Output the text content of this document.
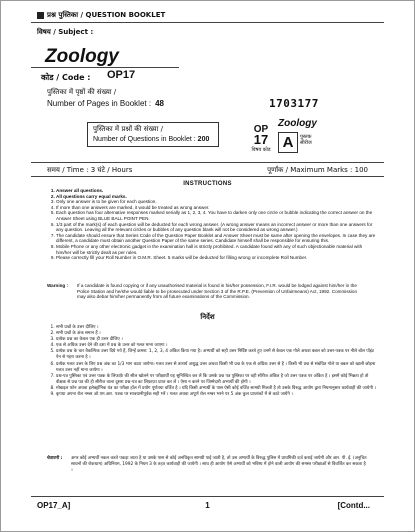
प्रश्न पुस्तिका / QUESTION BOOKLET
विषय / Subject :
Zoology
कोड / Code : OP17
पुस्तिका में पृष्ठों की संख्या /
Number of Pages in Booklet : 48	1703177
पुस्तिका में प्रश्नों की संख्या /
Number of Questions in Booklet : 200
OP
17
विषय कोड
Zoology
A	पुस्तक
सीरीज
समय / Time : 3 घंटे / Hours	पूर्णांक / Maximum Marks : 100
INSTRUCTIONS
1. Answer all questions.
2. All questions carry equal marks.
3. Only one answer is to be given for each question.
4. If more than one answers are marked, it would be treated as wrong answer.
5. Each question has four alternative responses marked serially as 1, 2, 3, 4. You have to darken only one circle or bubble indicating the correct answer on the Answer Sheet using BLUE BALL POINT PEN.
6. 1/3 part of the mark(s) of each question will be deducted for each wrong answer. (A wrong answer means an incorrect answer or more than one answers for any question. Leaving all the relevant circles or bubbles of any question blank will not be considered as wrong answer.)
7. The candidate should ensure that Series Code of the Question Paper Booklet and Answer Sheet must be same after opening the envelopes. In case they are different, a candidate must obtain another Question Paper of the same series. Candidate himself shall be responsible for ensuring this.
8. Mobile Phone or any other electronic gadget in the examination hall is strictly prohibited. A candidate found with any of such objectionable material with him/her will be strictly dealt as per rules.
9. Please correctly fill your Roll Number in O.M.R. Sheet. 5 marks will be deducted for filling wrong or incomplete Roll Number.
Warning : If a candidate is found copying or if any unauthorised material is found in his/her possession, F.I.R. would be lodged against him/her in the Police Station and he/she would liable to be prosecuted under Section 3 of the R.P.E. (Prevention of Unfairmeans) Act, 1992. Commission may also debar him/her permanently from all future examinations of the Commission.
निर्देश
1. सभी प्रश्नों के उत्तर दीजिए ।
2. सभी प्रश्नों के अंक समान हैं ।
3. प्रत्येक प्रश्न का केवल एक ही उत्तर दीजिए ।
4. एक से अधिक उत्तर देने की दशा में प्रश्न के उत्तर को गलत माना जाएगा ।
5. प्रत्येक प्रश्न के चार वैकल्पिक उत्तर दिये गये हैं, जिन्हें क्रमश: 1, 2, 3, 4 अंकित किया गया है। अभ्यर्थी को सही उत्तर निर्दिष्ट करते हुए उनमें से केवल एक गोले अथवा बबल को उत्तर-पत्रक पर नीले बॉल पॉइंट पेन से गहरा करना है ।
6. प्रत्येक गलत उत्तर के लिए प्रश्न अंक का 1/3 भाग काटा जायेगा। गलत उत्तर से तात्पर्य अशुद्ध उत्तर अथवा किसी भी प्रश्न के एक से अधिक उत्तर से है । किसी भी प्रश्न से संबंधित गोले या बबल को खाली छोड़ना गलत उत्तर नहीं माना जायेगा ।
7. प्रश्न-पत्र पुस्तिका एवं उत्तर पत्रक के लिफ़ाफ़े की सील खोलने पर परीक्षार्थी यह सुनिश्चित कर लें कि उसके प्रश्न पत्र पुस्तिका पर वही सीरीज अंकित है जो उत्तर पत्रक पर अंकित है । इसमें कोई भिन्नता हो तो वीक्षक से प्रश्न पत्र की ही सीरीज वाला दूसरा प्रश्न-पत्र का लिफ़ाफ़ा प्राप्त कर लें । ऐसा न करने पर जिम्मेदारी अभ्यर्थी की होगी ।
8. मोबाइल फोन अथवा इलेक्ट्रॉनिक यंत्र का परीक्षा हॉल में प्रयोग पूर्णतया वर्जित है । यदि किसी अभ्यर्थी के पास ऐसी कोई वर्जित सामग्री मिलती है तो उसके विरुद्ध आयोग द्वारा नियमानुसार कार्यवाही की जायेगी ।
9. कृपया अपना रोल नम्बर ओ.एम.आर. पत्रक पर सावधानीपूर्वक सही भरें । गलत अथवा अपूर्ण रोल नम्बर भरने पर 5 अंक कुल प्राप्तांकों में से काटे जायेंगे ।
चेतावनी : अगर कोई अभ्यर्थी नकल करते पकड़ा जाता है या उसके पास से कोई अनधिकृत सामग्री पाई जाती है, तो उस अभ्यर्थी के विरुद्ध पुलिस में प्राथमिकी दर्ज कराई जायेगी और आर. पी. ई. (अनुचित साधनों की रोकथाम) अधिनियम, 1992 के नियम 3 के तहत कार्यवाही की जायेगी । साथ ही आयोग ऐसे अभ्यर्थी को भविष्य में होने वाली आयोग की समस्त परीक्षाओं से विवर्जित कर सकता है ।
OP17_A]	1	[Contd...
